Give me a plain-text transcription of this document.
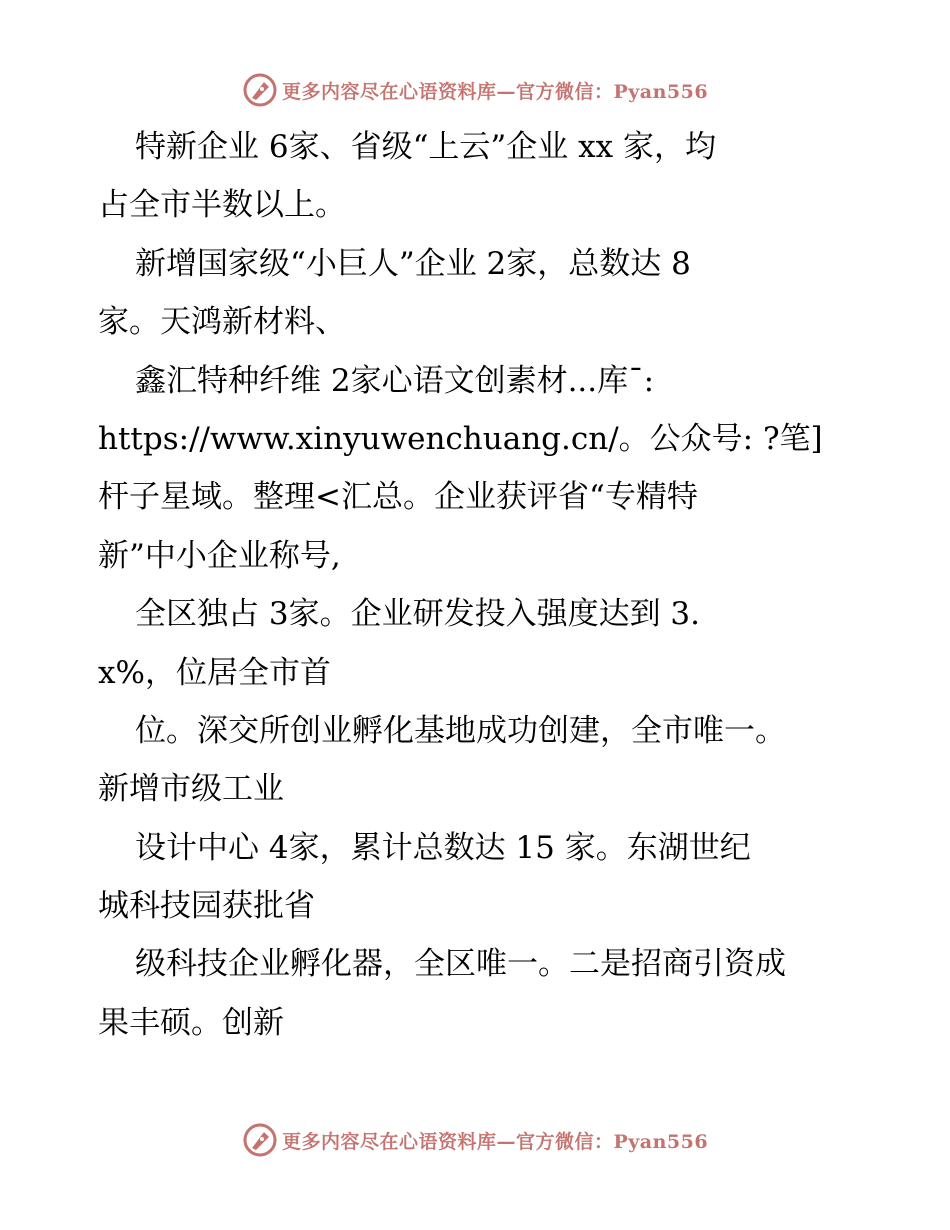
更多内容尽在心语资料库—官方微信：Pyan556
特新企业 6家、省级“上云”企业 xx 家，均
占全市半数以上。
新增国家级“小巨人”企业 2家，总数达 8
家。天鸿新材料、
鑫汇特种纤维 2家心语文创素材...库¯:
https://www.xinyuwenchuang.cn/。公众号: ?笔]
杆子星域。整理<汇总。企业获评省“专精特
新”中小企业称号,
全区独占 3家。企业研发投入强度达到 3.
x%，位居全市首
位。深交所创业孵化基地成功创建，全市唯一。
新增市级工业
设计中心 4家，累计总数达 15 家。东湖世纪
城科技园获批省
级科技企业孵化器，全区唯一。二是招商引资成
果丰硕。创新
更多内容尽在心语资料库—官方微信：Pyan556
